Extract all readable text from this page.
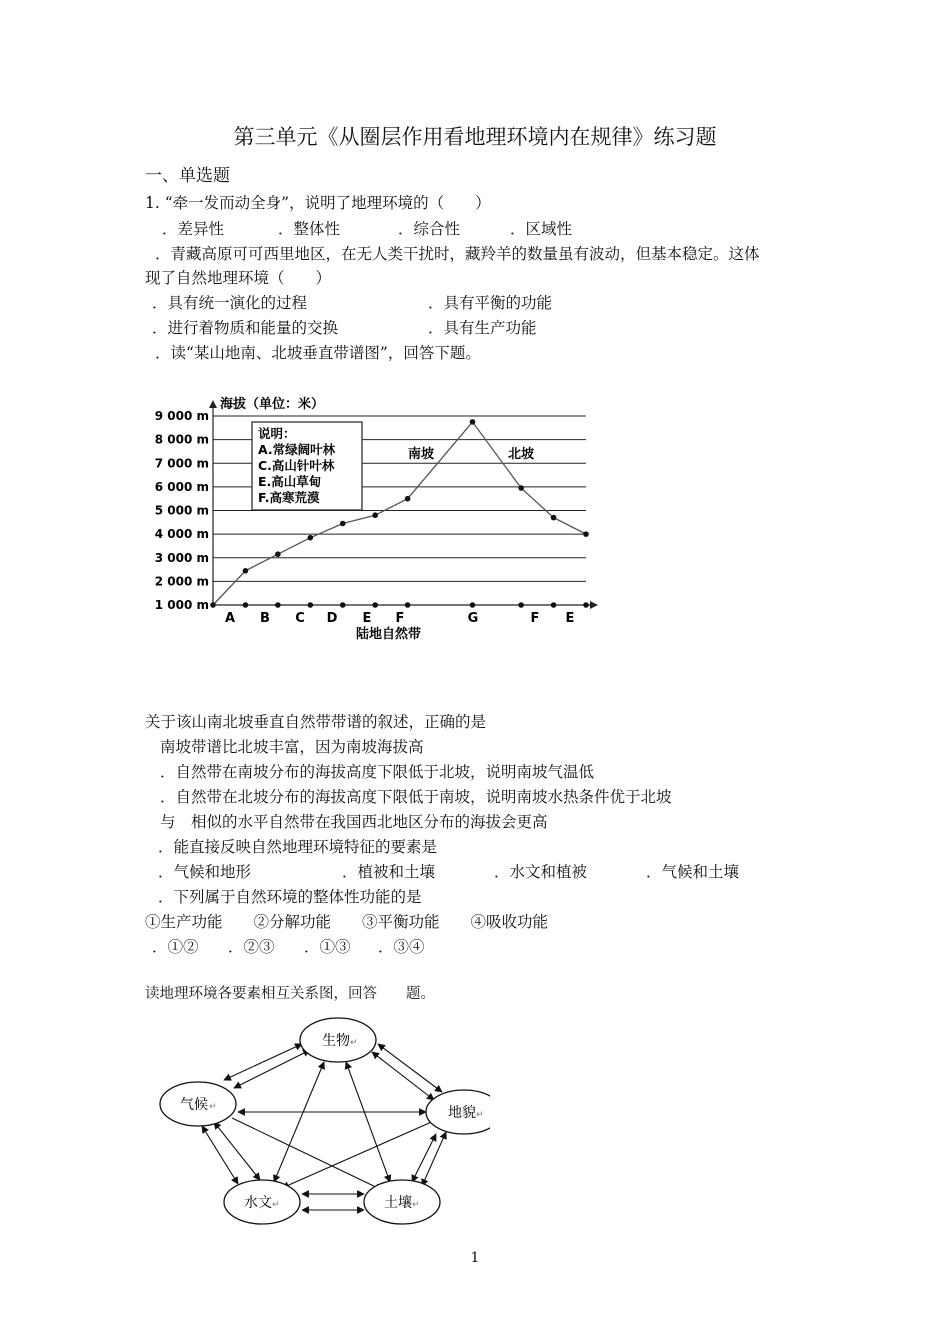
第三单元《从圈层作用看地理环境内在规律》练习题
一、单选题
1. “牵一发而动全身”，说明了地理环境的（　　）
．差异性	．整体性	．综合性	．区域性
．青藏高原可可西里地区，在无人类干扰时，藏羚羊的数量虽有波动，但基本稳定。这体
现了自然地理环境（　　）
．具有统一演化的过程	．具有平衡的功能
．进行着物质和能量的交换	．具有生产功能
．读“某山地南、北坡垂直带谱图”，回答下题。
9 000 m
8 000 m
7 000 m
6 000 m
5 000 m
4 000 m
3 000 m
2 000 m
1 000 m
海拔（单位：米）
说明：
A.常绿阔叶林
C.高山针叶林
E.高山草甸
F.高寒荒漠
南坡	北坡
A B C D E F	G	F E
陆地自然带
关于该山南北坡垂直自然带带谱的叙述，正确的是
南坡带谱比北坡丰富，因为南坡海拔高
．自然带在南坡分布的海拔高度下限低于北坡，说明南坡气温低
．自然带在北坡分布的海拔高度下限低于南坡，说明南坡水热条件优于北坡
与　相似的水平自然带在我国西北地区分布的海拔会更高
．能直接反映自然地理环境特征的要素是
．气候和地形	．植被和土壤	．水文和植被	．气候和土壤
．下列属于自然环境的整体性功能的是
①生产功能　　②分解功能　　③平衡功能　　④吸收功能
．①② ．②③ ．①③ ．③④
读地理环境各要素相互关系图，回答　　题。
生物 ↵
气候 ↵	地貌 ↵
水文 ↵	土壤 ↵
1
